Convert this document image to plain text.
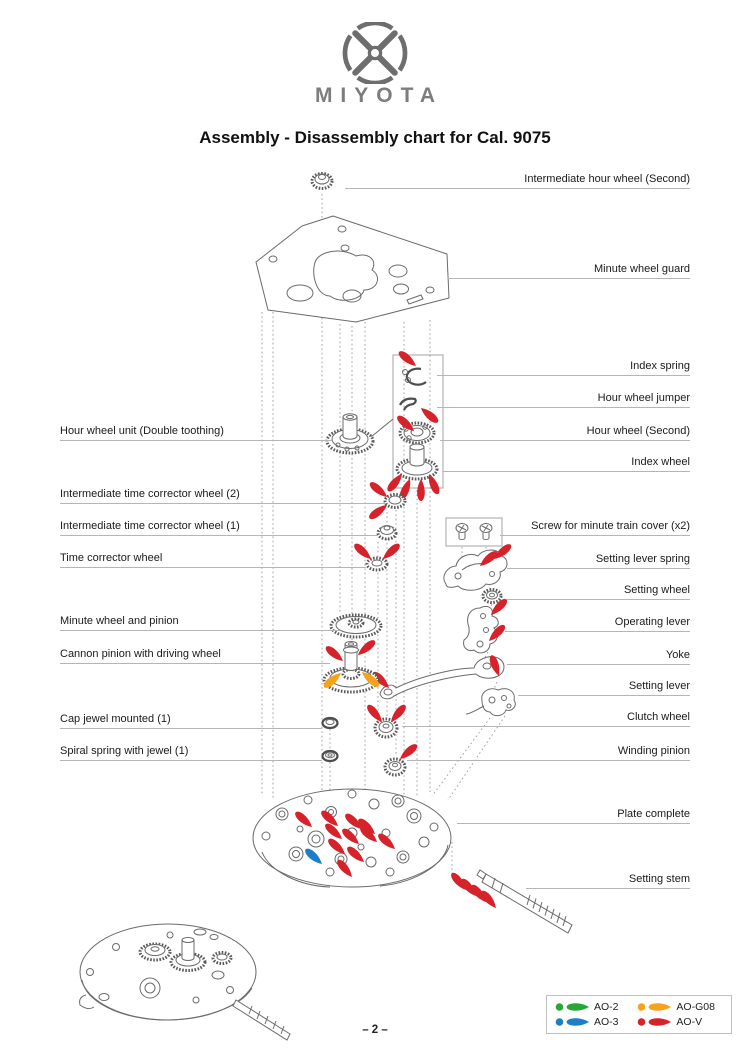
MIYOTA
Assembly - Disassembly chart for Cal. 9075
Intermediate hour wheel (Second)
Minute wheel guard
Index spring
Hour wheel jumper
Hour wheel (Second)
Index wheel
Screw for minute train cover (x2)
Setting lever spring
Setting wheel
Operating lever
Yoke
Setting lever
Clutch wheel
Winding pinion
Plate complete
Setting stem
Hour wheel unit (Double toothing)
Intermediate time corrector wheel (2)
Intermediate time corrector wheel (1)
Time corrector wheel
Minute wheel and pinion
Cannon pinion with driving wheel
Cap jewel mounted (1)
Spiral spring with jewel (1)
AO-2
AO-3
AO-G08
AO-V
– 2 –
